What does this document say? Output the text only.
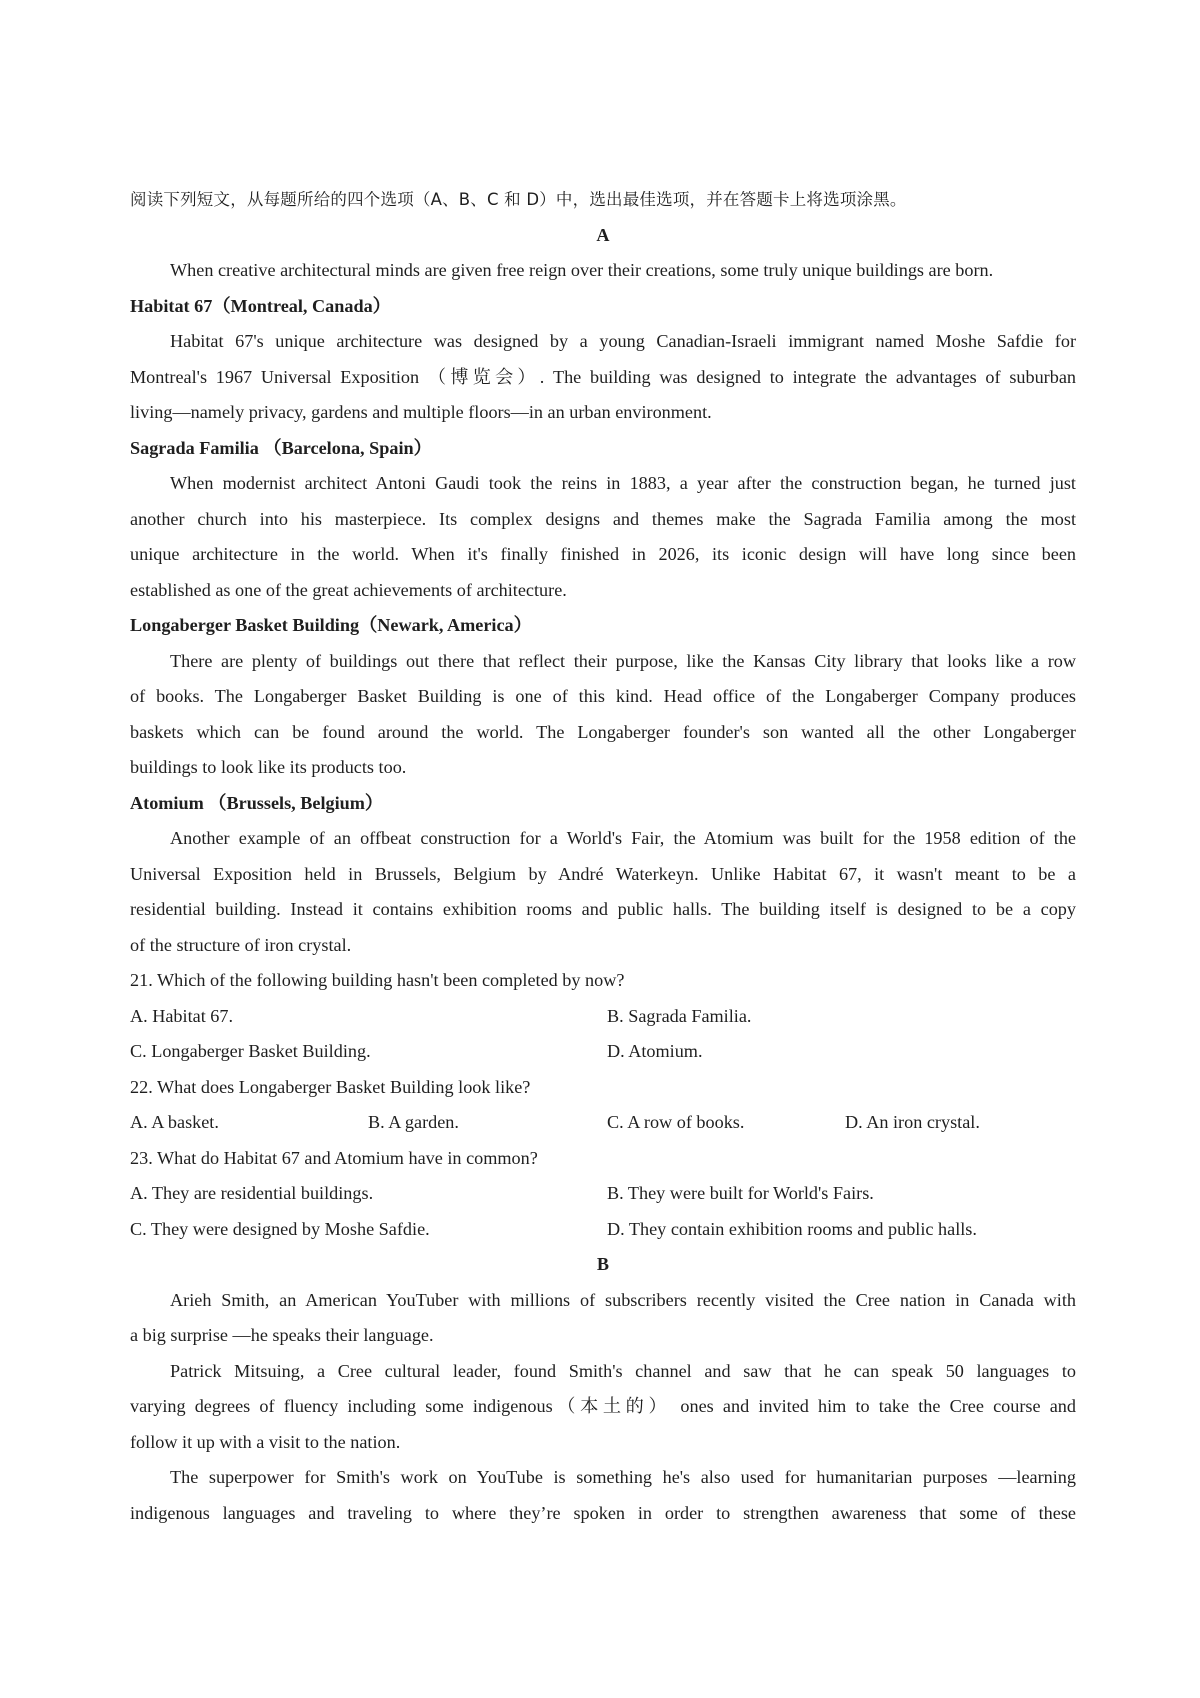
阅读下列短文，从每题所给的四个选项（A、B、C 和 D）中，选出最佳选项，并在答题卡上将选项涂黑。

A

When creative architectural minds are given free reign over their creations, some truly unique buildings are born.

Habitat 67（Montreal, Canada）

Habitat 67's unique architecture was designed by a young Canadian-Israeli immigrant named Moshe Safdie for

Montreal's 1967 Universal Exposition （博览会）. The building was designed to integrate the advantages of suburban

living—namely privacy, gardens and multiple floors—in an urban environment.

Sagrada Familia （Barcelona, Spain）

When modernist architect Antoni Gaudi took the reins in 1883, a year after the construction began, he turned just

another church into his masterpiece. Its complex designs and themes make the Sagrada Familia among the most

unique architecture in the world. When it's finally finished in 2026, its iconic design will have long since been

established as one of the great achievements of architecture.

Longaberger Basket Building（Newark, America）

There are plenty of buildings out there that reflect their purpose, like the Kansas City library that looks like a row

of books. The Longaberger Basket Building is one of this kind. Head office of the Longaberger Company produces

baskets which can be found around the world. The Longaberger founder's son wanted all the other Longaberger

buildings to look like its products too.

Atomium （Brussels, Belgium）

Another example of an offbeat construction for a World's Fair, the Atomium was built for the 1958 edition of the

Universal Exposition held in Brussels, Belgium by André Waterkeyn. Unlike Habitat 67, it wasn't meant to be a

residential building. Instead it contains exhibition rooms and public halls. The building itself is designed to be a copy

of the structure of iron crystal.

21. Which of the following building hasn't been completed by now?

A. Habitat 67.	B. Sagrada Familia.
C. Longaberger Basket Building.	D. Atomium.

22. What does Longaberger Basket Building look like?

A. A basket.	B. A garden.	C. A row of books.	D. An iron crystal.

23. What do Habitat 67 and Atomium have in common?

A. They are residential buildings.	B. They were built for World's Fairs.
C. They were designed by Moshe Safdie.	D. They contain exhibition rooms and public halls.

B

Arieh Smith, an American YouTuber with millions of subscribers recently visited the Cree nation in Canada with

a big surprise —he speaks their language.

Patrick Mitsuing, a Cree cultural leader, found Smith's channel and saw that he can speak 50 languages to

varying degrees of fluency including some indigenous（本土的） ones and invited him to take the Cree course and

follow it up with a visit to the nation.

The superpower for Smith's work on YouTube is something he's also used for humanitarian purposes —learning

indigenous languages and traveling to where they’re spoken in order to strengthen awareness that some of these
